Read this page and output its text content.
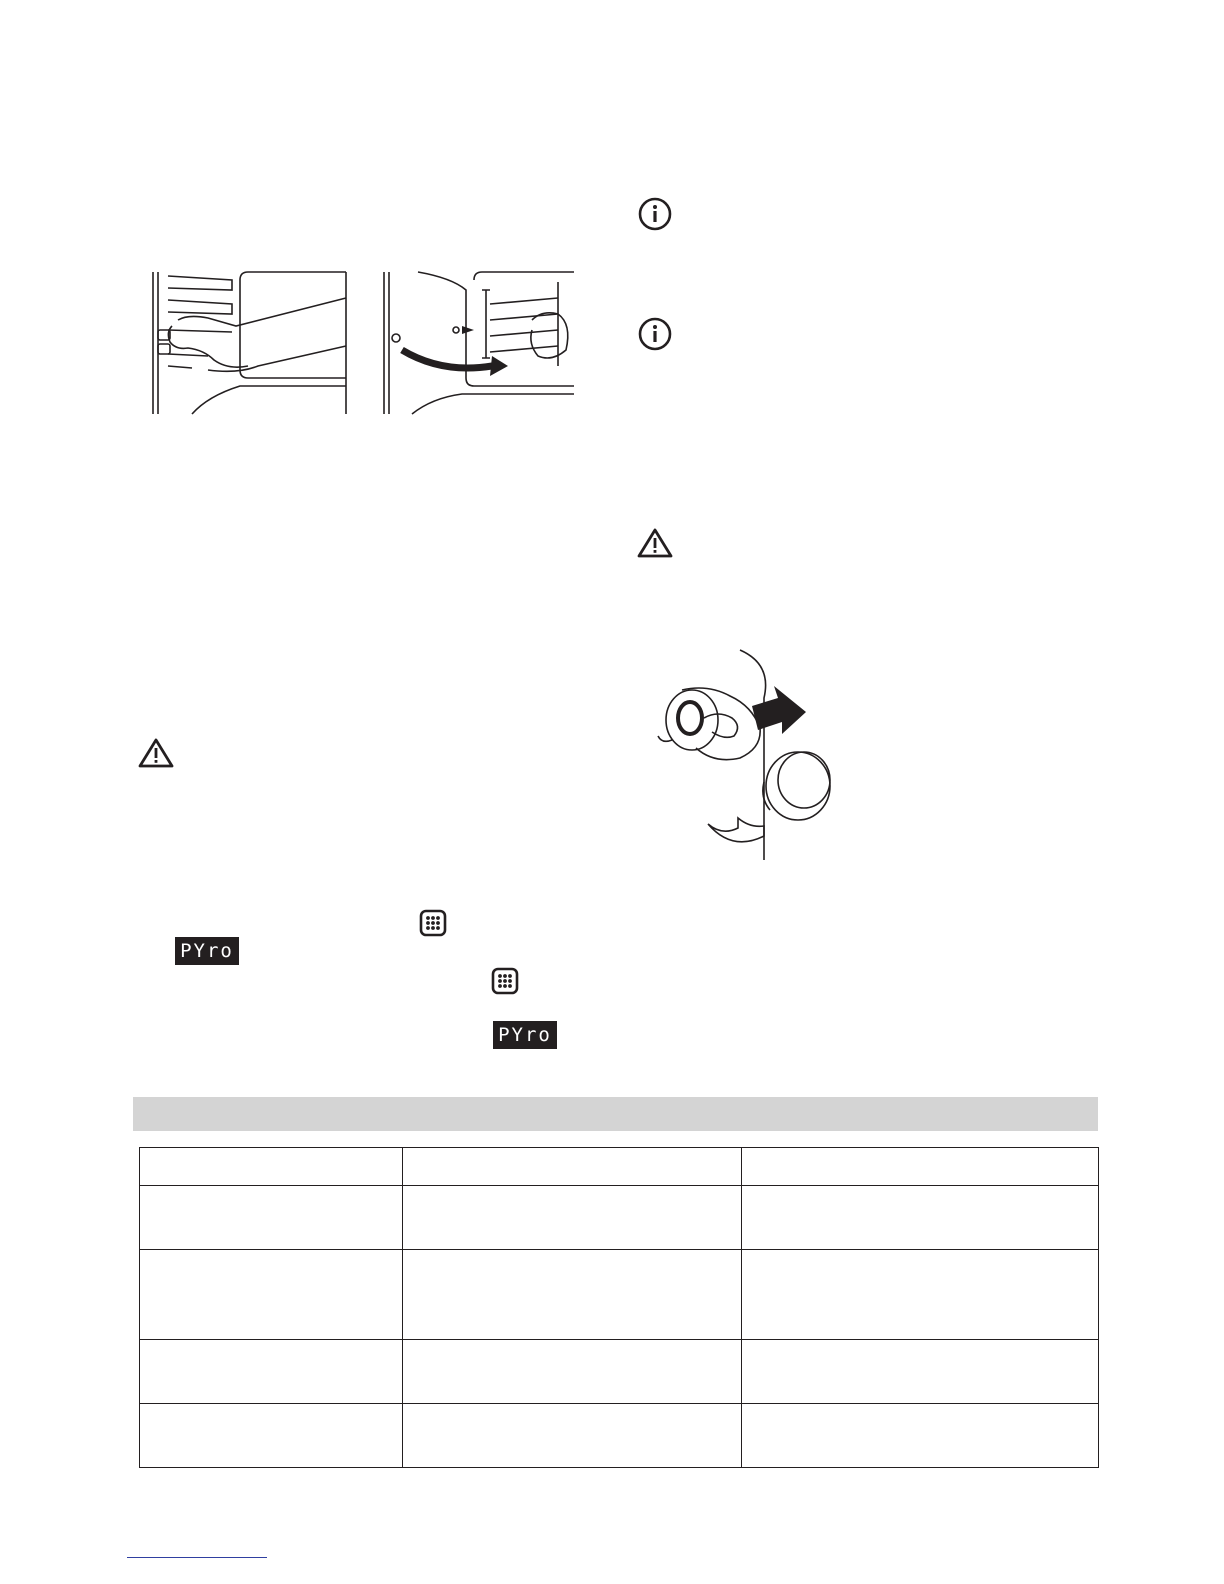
PYro
PYro
